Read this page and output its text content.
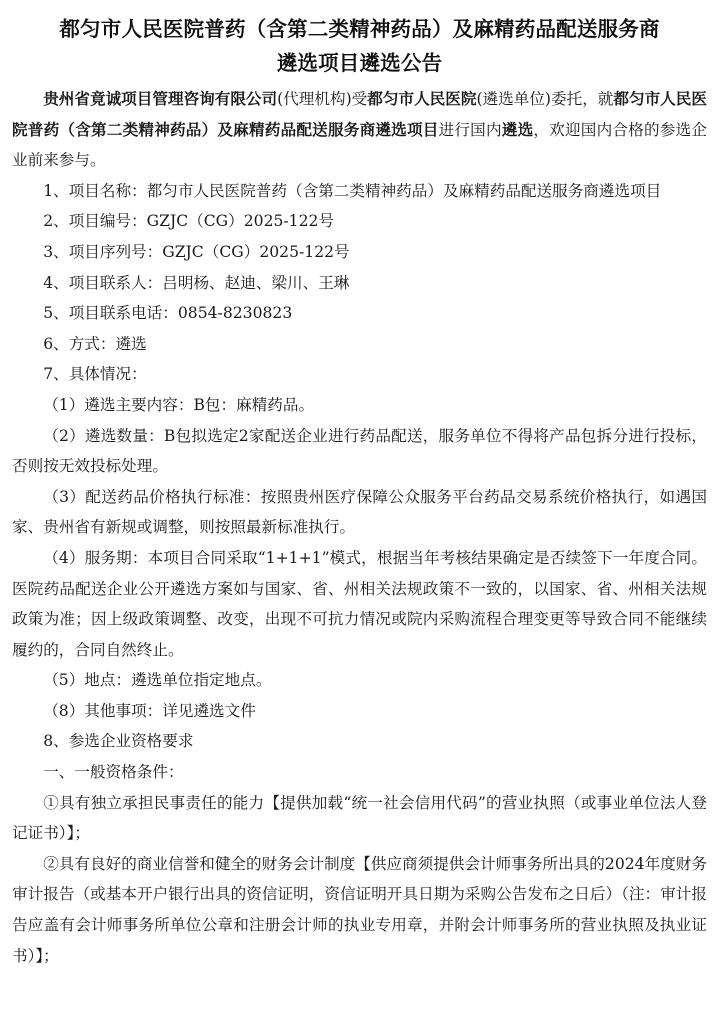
都匀市人民医院普药（含第二类精神药品）及麻精药品配送服务商
遴选项目遴选公告

贵州省竟诚项目管理咨询有限公司(代理机构)受都匀市人民医院(遴选单位)委托，就都匀市人民医院普药（含第二类精神药品）及麻精药品配送服务商遴选项目进行国内遴选，欢迎国内合格的参选企业前来参与。

1、项目名称：都匀市人民医院普药（含第二类精神药品）及麻精药品配送服务商遴选项目

2、项目编号：GZJC（CG）2025-122号

3、项目序列号：GZJC（CG）2025-122号

4、项目联系人：吕明杨、赵迪、梁川、王琳

5、项目联系电话：0854-8230823

6、方式：遴选

7、具体情况：

（1）遴选主要内容：B包：麻精药品。

（2）遴选数量：B包拟选定2家配送企业进行药品配送，服务单位不得将产品包拆分进行投标，否则按无效投标处理。

（3）配送药品价格执行标准：按照贵州医疗保障公众服务平台药品交易系统价格执行，如遇国家、贵州省有新规或调整，则按照最新标准执行。

（4）服务期：本项目合同采取“1+1+1”模式，根据当年考核结果确定是否续签下一年度合同。医院药品配送企业公开遴选方案如与国家、省、州相关法规政策不一致的，以国家、省、州相关法规政策为准；因上级政策调整、改变，出现不可抗力情况或院内采购流程合理变更等导致合同不能继续履约的，合同自然终止。

（5）地点：遴选单位指定地点。

（8）其他事项：详见遴选文件

8、参选企业资格要求

一、一般资格条件：

①具有独立承担民事责任的能力【提供加载“统一社会信用代码”的营业执照（或事业单位法人登记证书）】；

②具有良好的商业信誉和健全的财务会计制度【供应商须提供会计师事务所出具的2024年度财务审计报告（或基本开户银行出具的资信证明，资信证明开具日期为采购公告发布之日后）（注：审计报告应盖有会计师事务所单位公章和注册会计师的执业专用章，并附会计师事务所的营业执照及执业证书）】；
